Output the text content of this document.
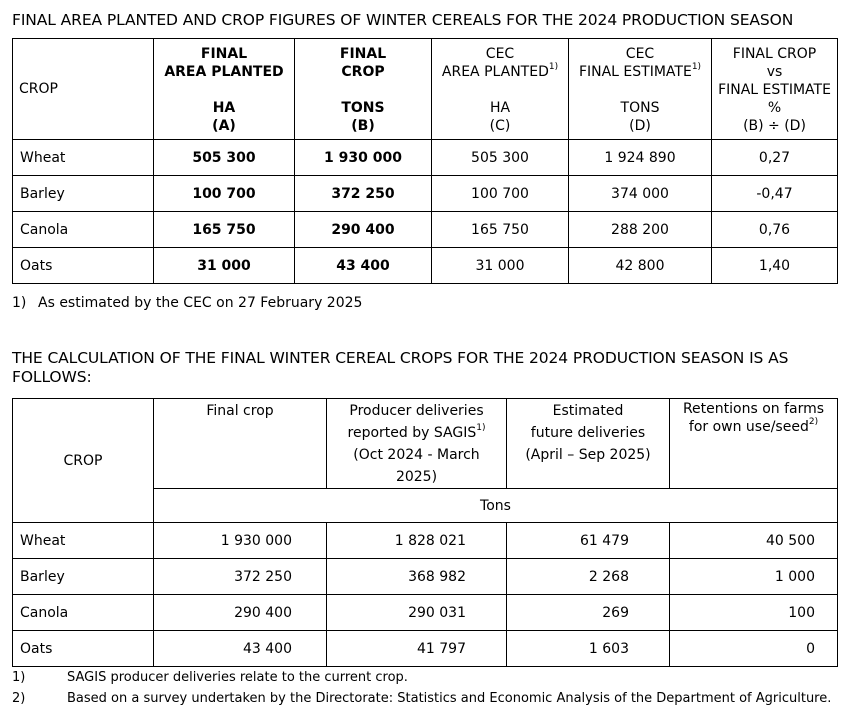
FINAL AREA PLANTED AND CROP FIGURES OF WINTER CEREALS FOR THE 2024 PRODUCTION SEASON
CROP	FINAL
AREA PLANTED
HA
(A)	FINAL
CROP
TONS
(B)	CEC
AREA PLANTED$^{1)}$
HA
(C)	CEC
FINAL ESTIMATE$^{1)}$
TONS
(D)	FINAL CROP
vs
FINAL ESTIMATE
%
(B) ÷ (D)

Wheat	505 300	1 930 000	505 300	1 924 890	0,27
Barley	100 700	372 250	100 700	374 000	-0,47
Canola	165 750	290 400	165 750	288 200	0,76
Oats	31 000	43 400	31 000	42 800	1,40
1) As estimated by the CEC on 27 February 2025
THE CALCULATION OF THE FINAL WINTER CEREAL CROPS FOR THE 2024 PRODUCTION SEASON IS AS FOLLOWS:
CROP	Final crop	Producer deliveries
reported by SAGIS$^{1)}$
(Oct 2024 - March 2025)	Estimated
future deliveries
(April – Sep 2025)	Retentions on farms
for own use/seed$^{2)}$

	Tons			
Wheat	1 930 000	1 828 021	61 479	40 500
Barley	372 250	368 982	2 268	1 000
Canola	290 400	290 031	269	100
Oats	43 400	41 797	1 603	0
1)	SAGIS producer deliveries relate to the current crop.
2)	Based on a survey undertaken by the Directorate: Statistics and Economic Analysis of the Department of Agriculture.
